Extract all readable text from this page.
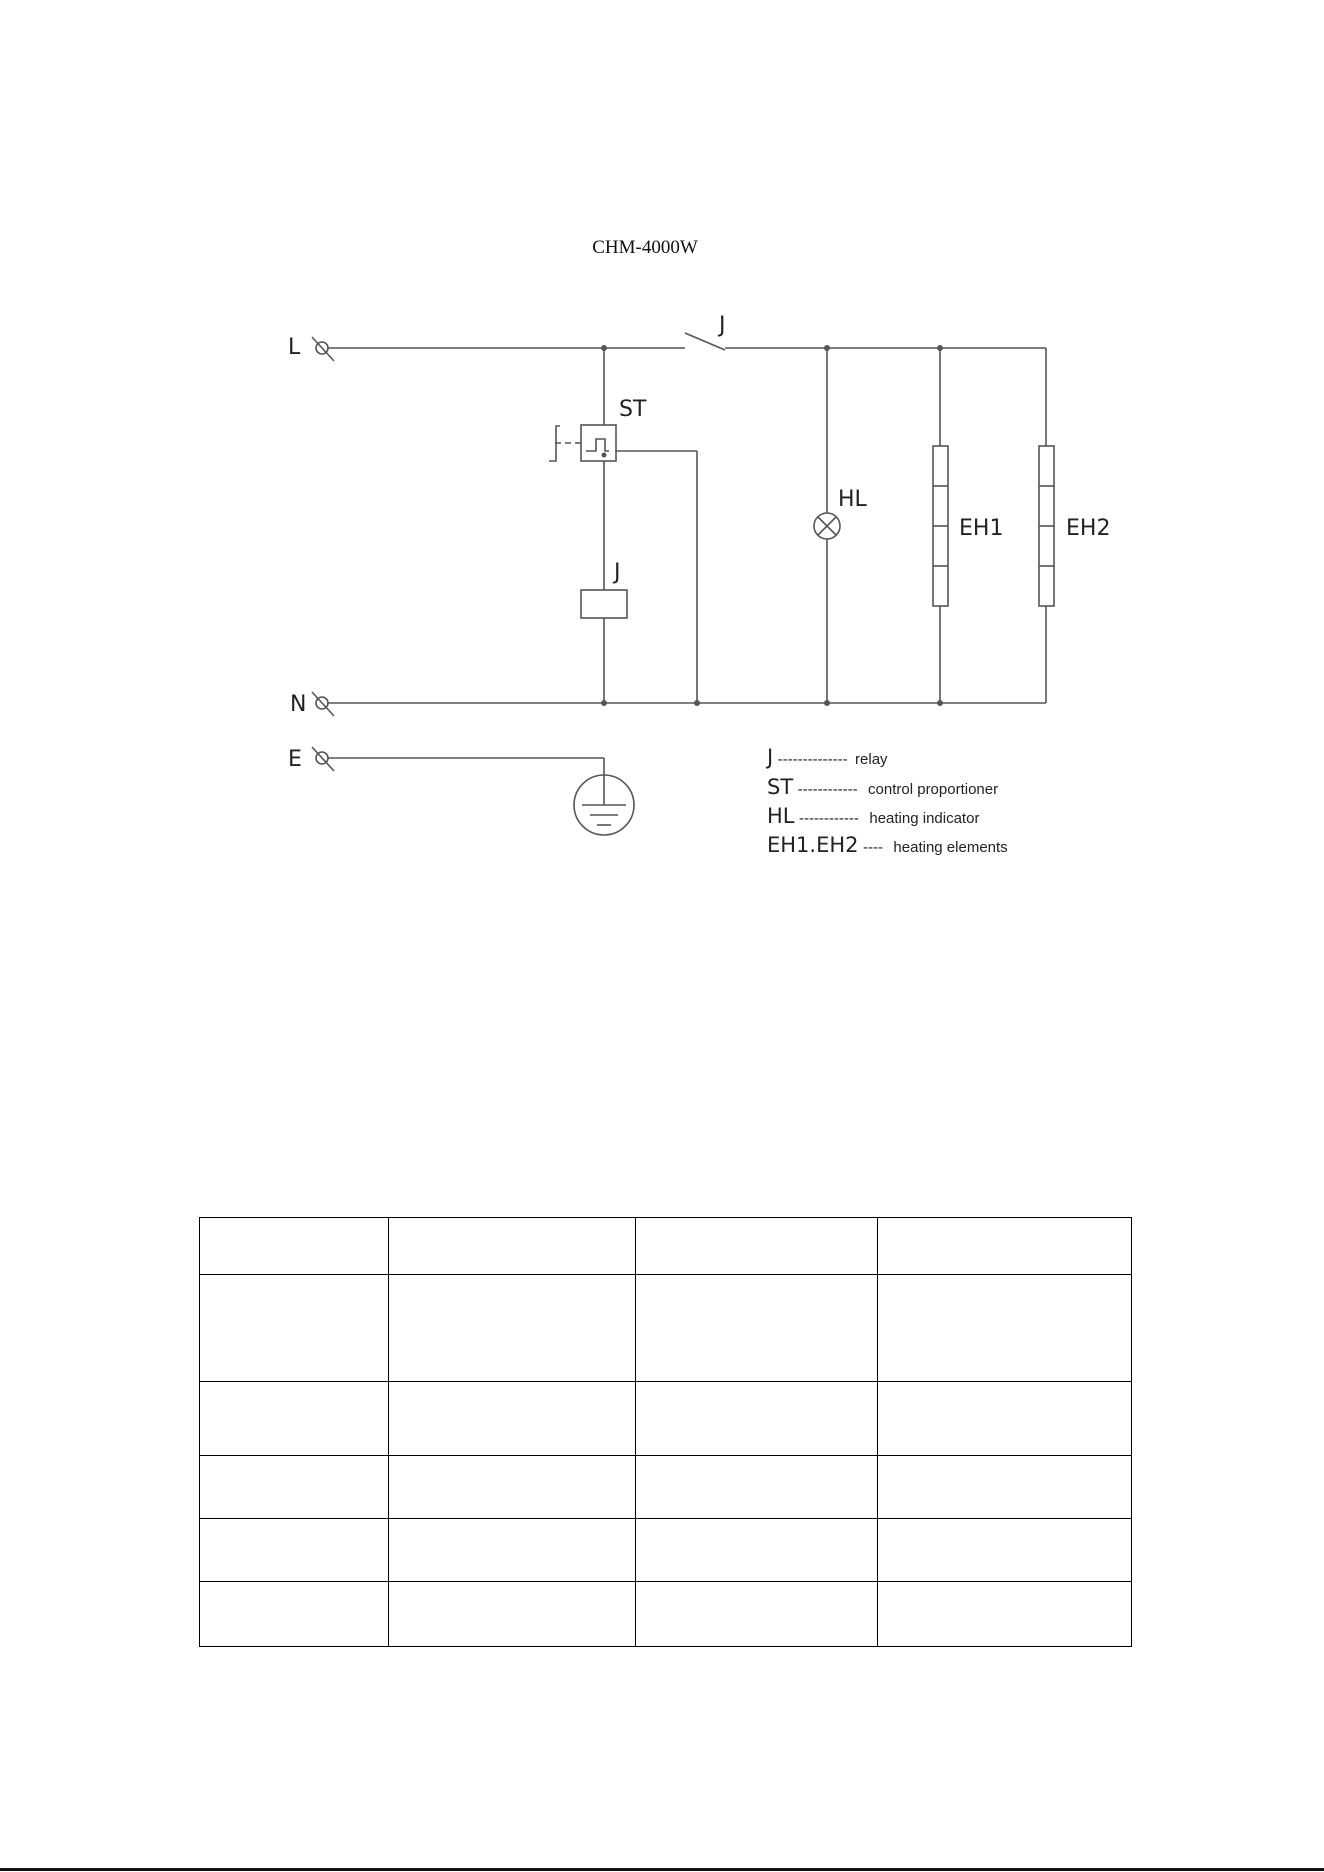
CHM-4000W
L
N
E
J
ST
J
HL
EH1	EH2
J -------------- relay
ST ------------ control proportioner
HL ------------ heating indicator
EH1.EH2 ---- heating elements
